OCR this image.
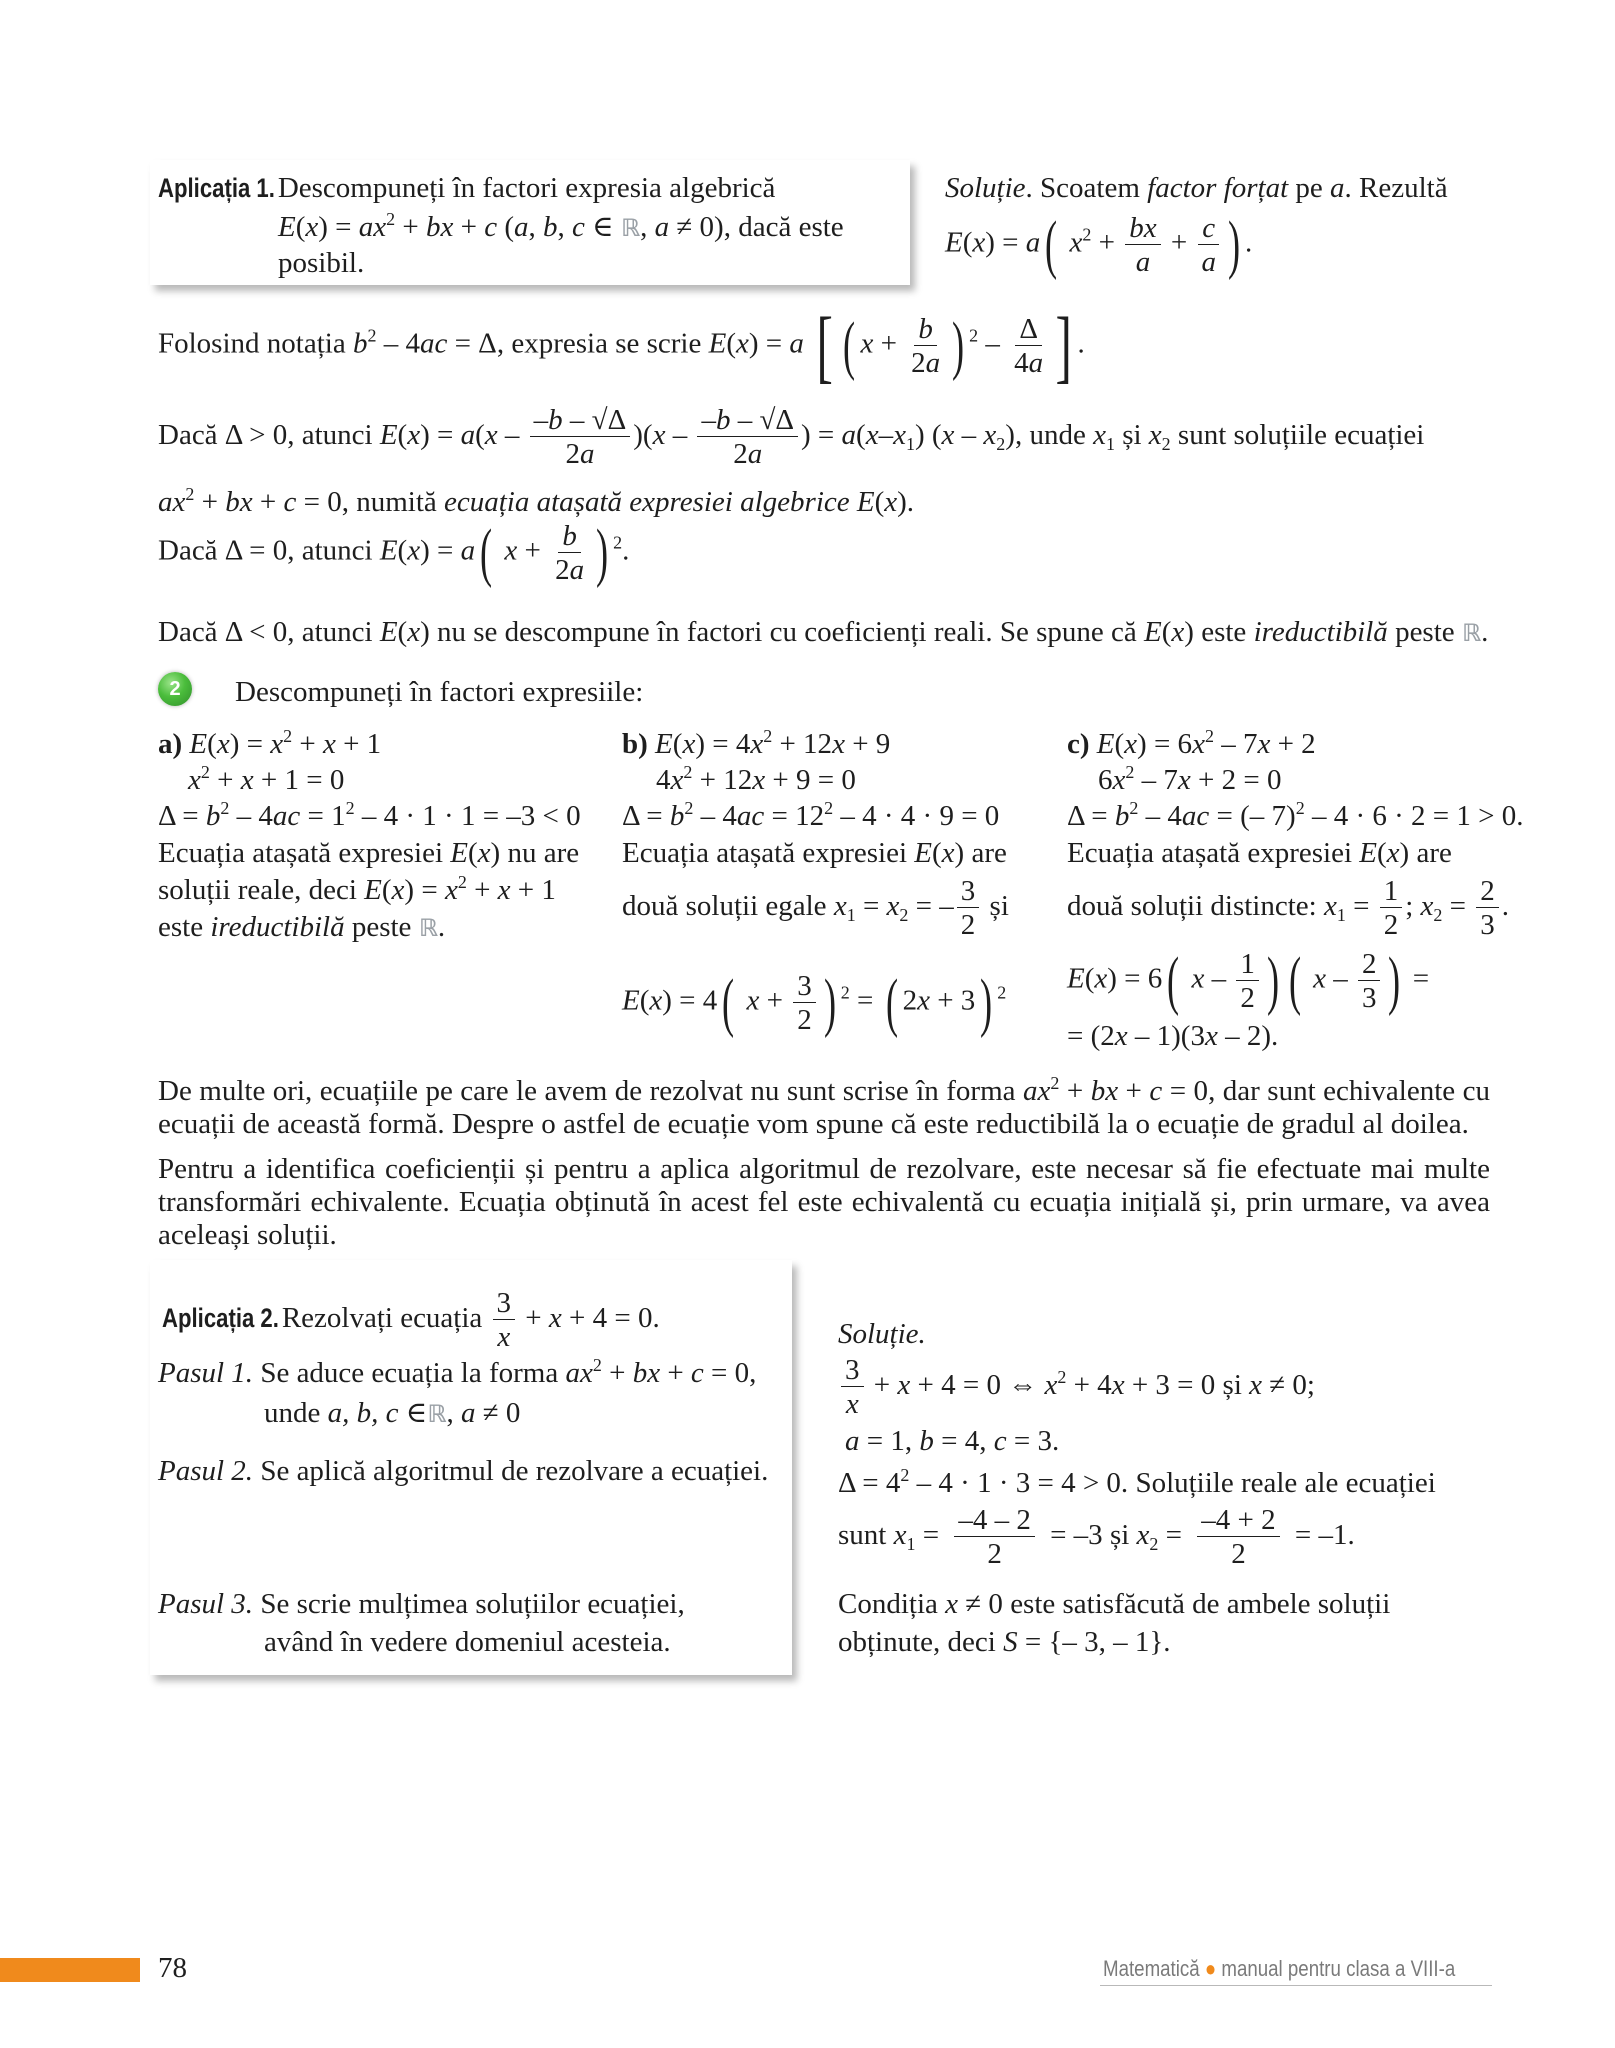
Aplicația 1. Descompuneți în factori expresia algebrică
$E(x) = ax^2$ + bx + c (a, b, c ∈ ℝ, a ≠ 0), dacă este
posibil.
Soluție. Scoatem factor forțat pe a. Rezultă
E(x) = a( $x^2 + \frac{bx}{a} + \frac{c}{a}$ ) .
Folosind notația $b^2 - 4ac = \Delta$, expresia se scrie E(x) = a [ ( $x + \frac{b}{2a}$ ) $^2 - \frac{\Delta}{4a}$ ] .
Dacă Δ > 0, atunci $E(x) = a(x - \frac{-b - √\Delta}{2a} )(x - \frac{-b - √\Delta}{2a}$ ) = $a(x-x_1)$ $(x - x_2)$, unde $x_1$ și $x_2$ sunt soluțiile ecuației
$ax^2$ + bx + c = 0, numită ecuația atașată expresiei algebrice E(x).
Dacă Δ = 0, atunci E(x) = a( $x + \frac{b}{2a}$ ) $^2$.
Dacă Δ < 0, atunci E(x) nu se descompune în factori cu coeficienți reali. Se spune că E(x) este ireductibilă peste ℝ.
2	Descompuneți în factori expresiile:
a) $E(x) = x^2 + x + 1$
$x^2 + x + 1 = 0$
$\Delta = b^2 - 4ac = 1^2 - 4 \cdot 1 \cdot 1 = -3 < 0$
Ecuația atașată expresiei E(x) nu are
soluții reale, deci $E(x) = x^2 + x + 1$
este ireductibilă peste ℝ.
b) $E(x) = 4x^2 + 12x + 9$
$4x^2 + 12x + 9 = 0$
$\Delta = b^2 - 4ac = 12^2 - 4 \cdot 4 \cdot 9 = 0$
Ecuația atașată expresiei E(x) are
două soluții egale $x_1 = x_2$ = – $\frac{3}{2}$ și
E(x) = 4( $x + \frac{3}{2}$ ) $^2$ = ( 2x + 3) $^2$
c) $E(x) = 6x^2 - 7x + 2$
$6x^2 - 7x + 2 = 0$
$\Delta = b^2 - 4ac$ = (– 7)$^2$ – 4 · 6 · 2 = 1 > 0.
Ecuația atașată expresiei E(x) are
două soluții distincte: $x_1 = \frac{1}{2}$ ; $x_2 = \frac{2}{3}$ .
E(x) = 6( x – $\frac{1}{2}$ ) ( x – $\frac{2}{3}$ ) =
= (2x – 1)(3x – 2).
De multe ori, ecuațiile pe care le avem de rezolvat nu sunt scrise în forma $ax^2$ + bx + c = 0, dar sunt echivalente cu ecuații de această formă. Despre o astfel de ecuație vom spune că este reductibilă la o ecuație de gradul al doilea.
Pentru a identifica coeficienții și pentru a aplica algoritmul de rezolvare, este necesar să fie efectuate mai multe transformări echivalente. Ecuația obținută în acest fel este echivalentă cu ecuația inițială și, prin urmare, va avea aceleași soluții.
Aplicația 2. Rezolvați ecuația $\frac{3}{x} + x + 4 = 0$.
Pasul 1. Se aduce ecuația la forma $ax^2$ + bx + c = 0,
unde a, b, c ∈ℝ, a ≠ 0
Pasul 2. Se aplică algoritmul de rezolvare a ecuației.
Pasul 3. Se scrie mulțimea soluțiilor ecuației,
având în vedere domeniul acesteia.
Soluție.
$\frac{3}{x} + x + 4 = 0$ ⇔ $x^2 + 4x + 3 = 0$ și x ≠ 0;
a = 1, b = 4, c = 3.
$\Delta = 4^2 - 4 \cdot 1 \cdot 3 = 4 > 0$. Soluțiile reale ale ecuației
sunt $x_1 = \frac{-4 - 2}{2} = -3$ și $x_2 = \frac{-4 + 2}{2} = -1$.
Condiția x ≠ 0 este satisfăcută de ambele soluții
obținute, deci S = {– 3, – 1}.
78	Matematică ● manual pentru clasa a VIII-a
